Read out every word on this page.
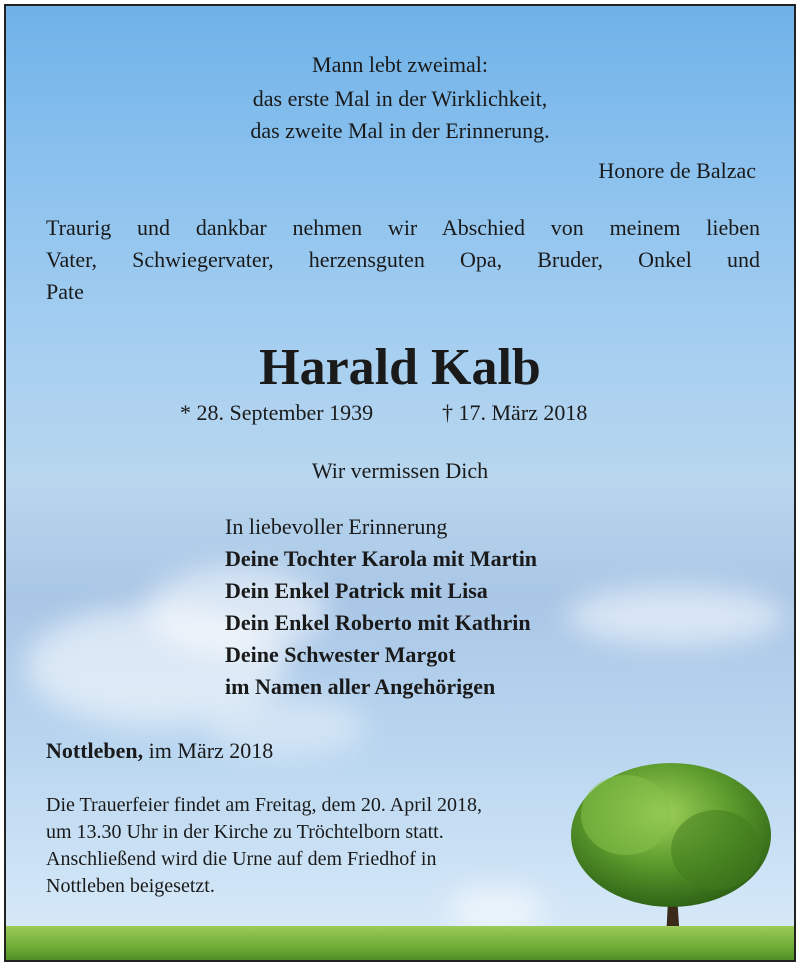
Mann lebt zweimal:
das erste Mal in der Wirklichkeit,
das zweite Mal in der Erinnerung.
Honore de Balzac
Traurig und dankbar nehmen wir Abschied von meinem lieben
Vater, Schwiegervater, herzensguten Opa, Bruder, Onkel und
Pate
Harald Kalb
* 28. September 1939	† 17. März 2018
Wir vermissen Dich
In liebevoller Erinnerung
Deine Tochter Karola mit Martin
Dein Enkel Patrick mit Lisa
Dein Enkel Roberto mit Kathrin
Deine Schwester Margot
im Namen aller Angehörigen
Nottleben, im März 2018
Die Trauerfeier findet am Freitag, dem 20. April 2018,
um 13.30 Uhr in der Kirche zu Tröchtelborn statt.
Anschließend wird die Urne auf dem Friedhof in
Nottleben beigesetzt.
